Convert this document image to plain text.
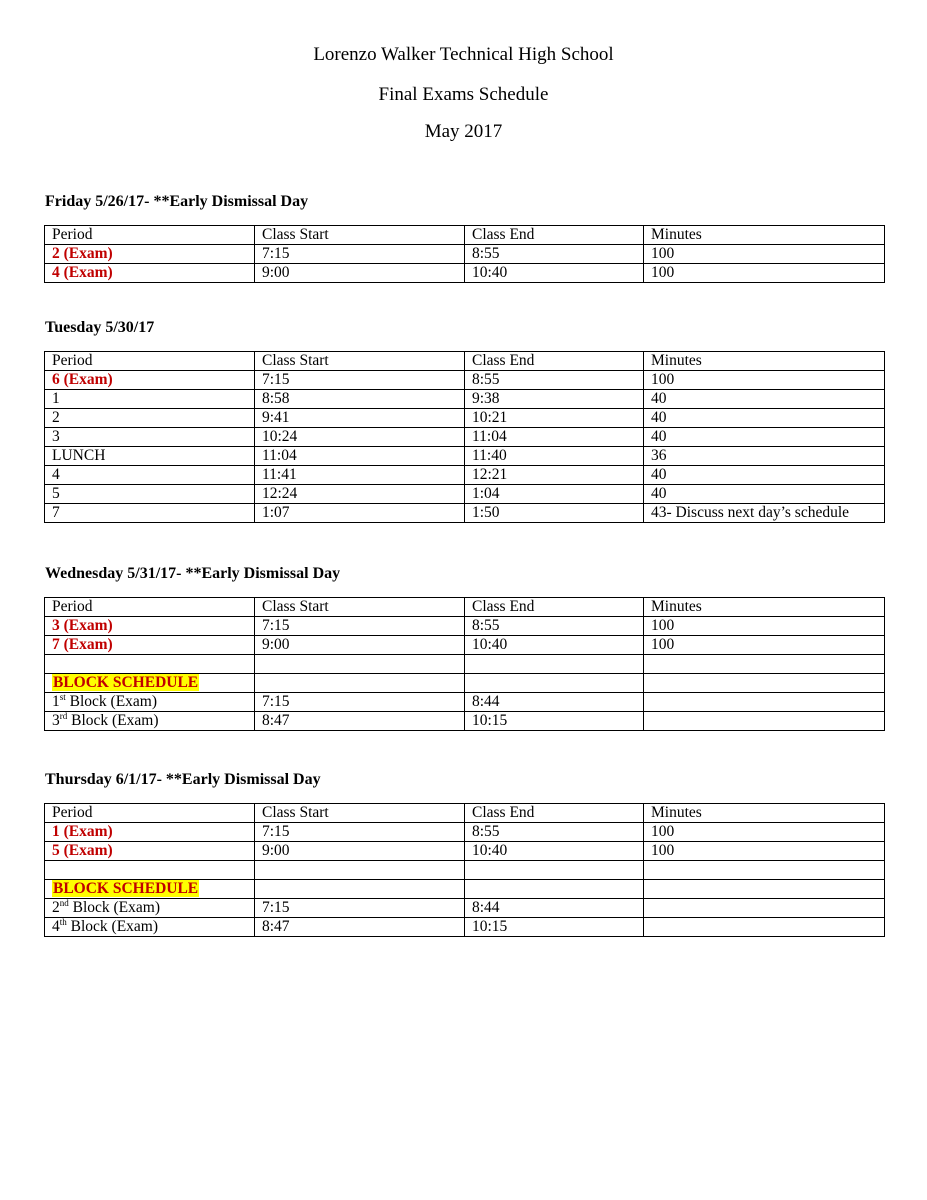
Lorenzo Walker Technical High School
Final Exams Schedule
May 2017
Friday 5/26/17- **Early Dismissal Day
Period	Class Start	Class End	Minutes
2 (Exam)	7:15	8:55	100
4 (Exam)	9:00	10:40	100
Tuesday 5/30/17
Period	Class Start	Class End	Minutes
6 (Exam)	7:15	8:55	100
1	8:58	9:38	40
2	9:41	10:21	40
3	10:24	11:04	40
LUNCH	11:04	11:40	36
4	11:41	12:21	40
5	12:24	1:04	40
7	1:07	1:50	43- Discuss next day’s schedule
Wednesday 5/31/17- **Early Dismissal Day
Period	Class Start	Class End	Minutes
3 (Exam)	7:15	8:55	100
7 (Exam)	9:00	10:40	100

BLOCK SCHEDULE			
1st Block (Exam)	7:15	8:44	
3rd Block (Exam)	8:47	10:15	
Thursday 6/1/17- **Early Dismissal Day
Period	Class Start	Class End	Minutes
1 (Exam)	7:15	8:55	100
5 (Exam)	9:00	10:40	100

BLOCK SCHEDULE			
2nd Block (Exam)	7:15	8:44	
4th Block (Exam)	8:47	10:15	
